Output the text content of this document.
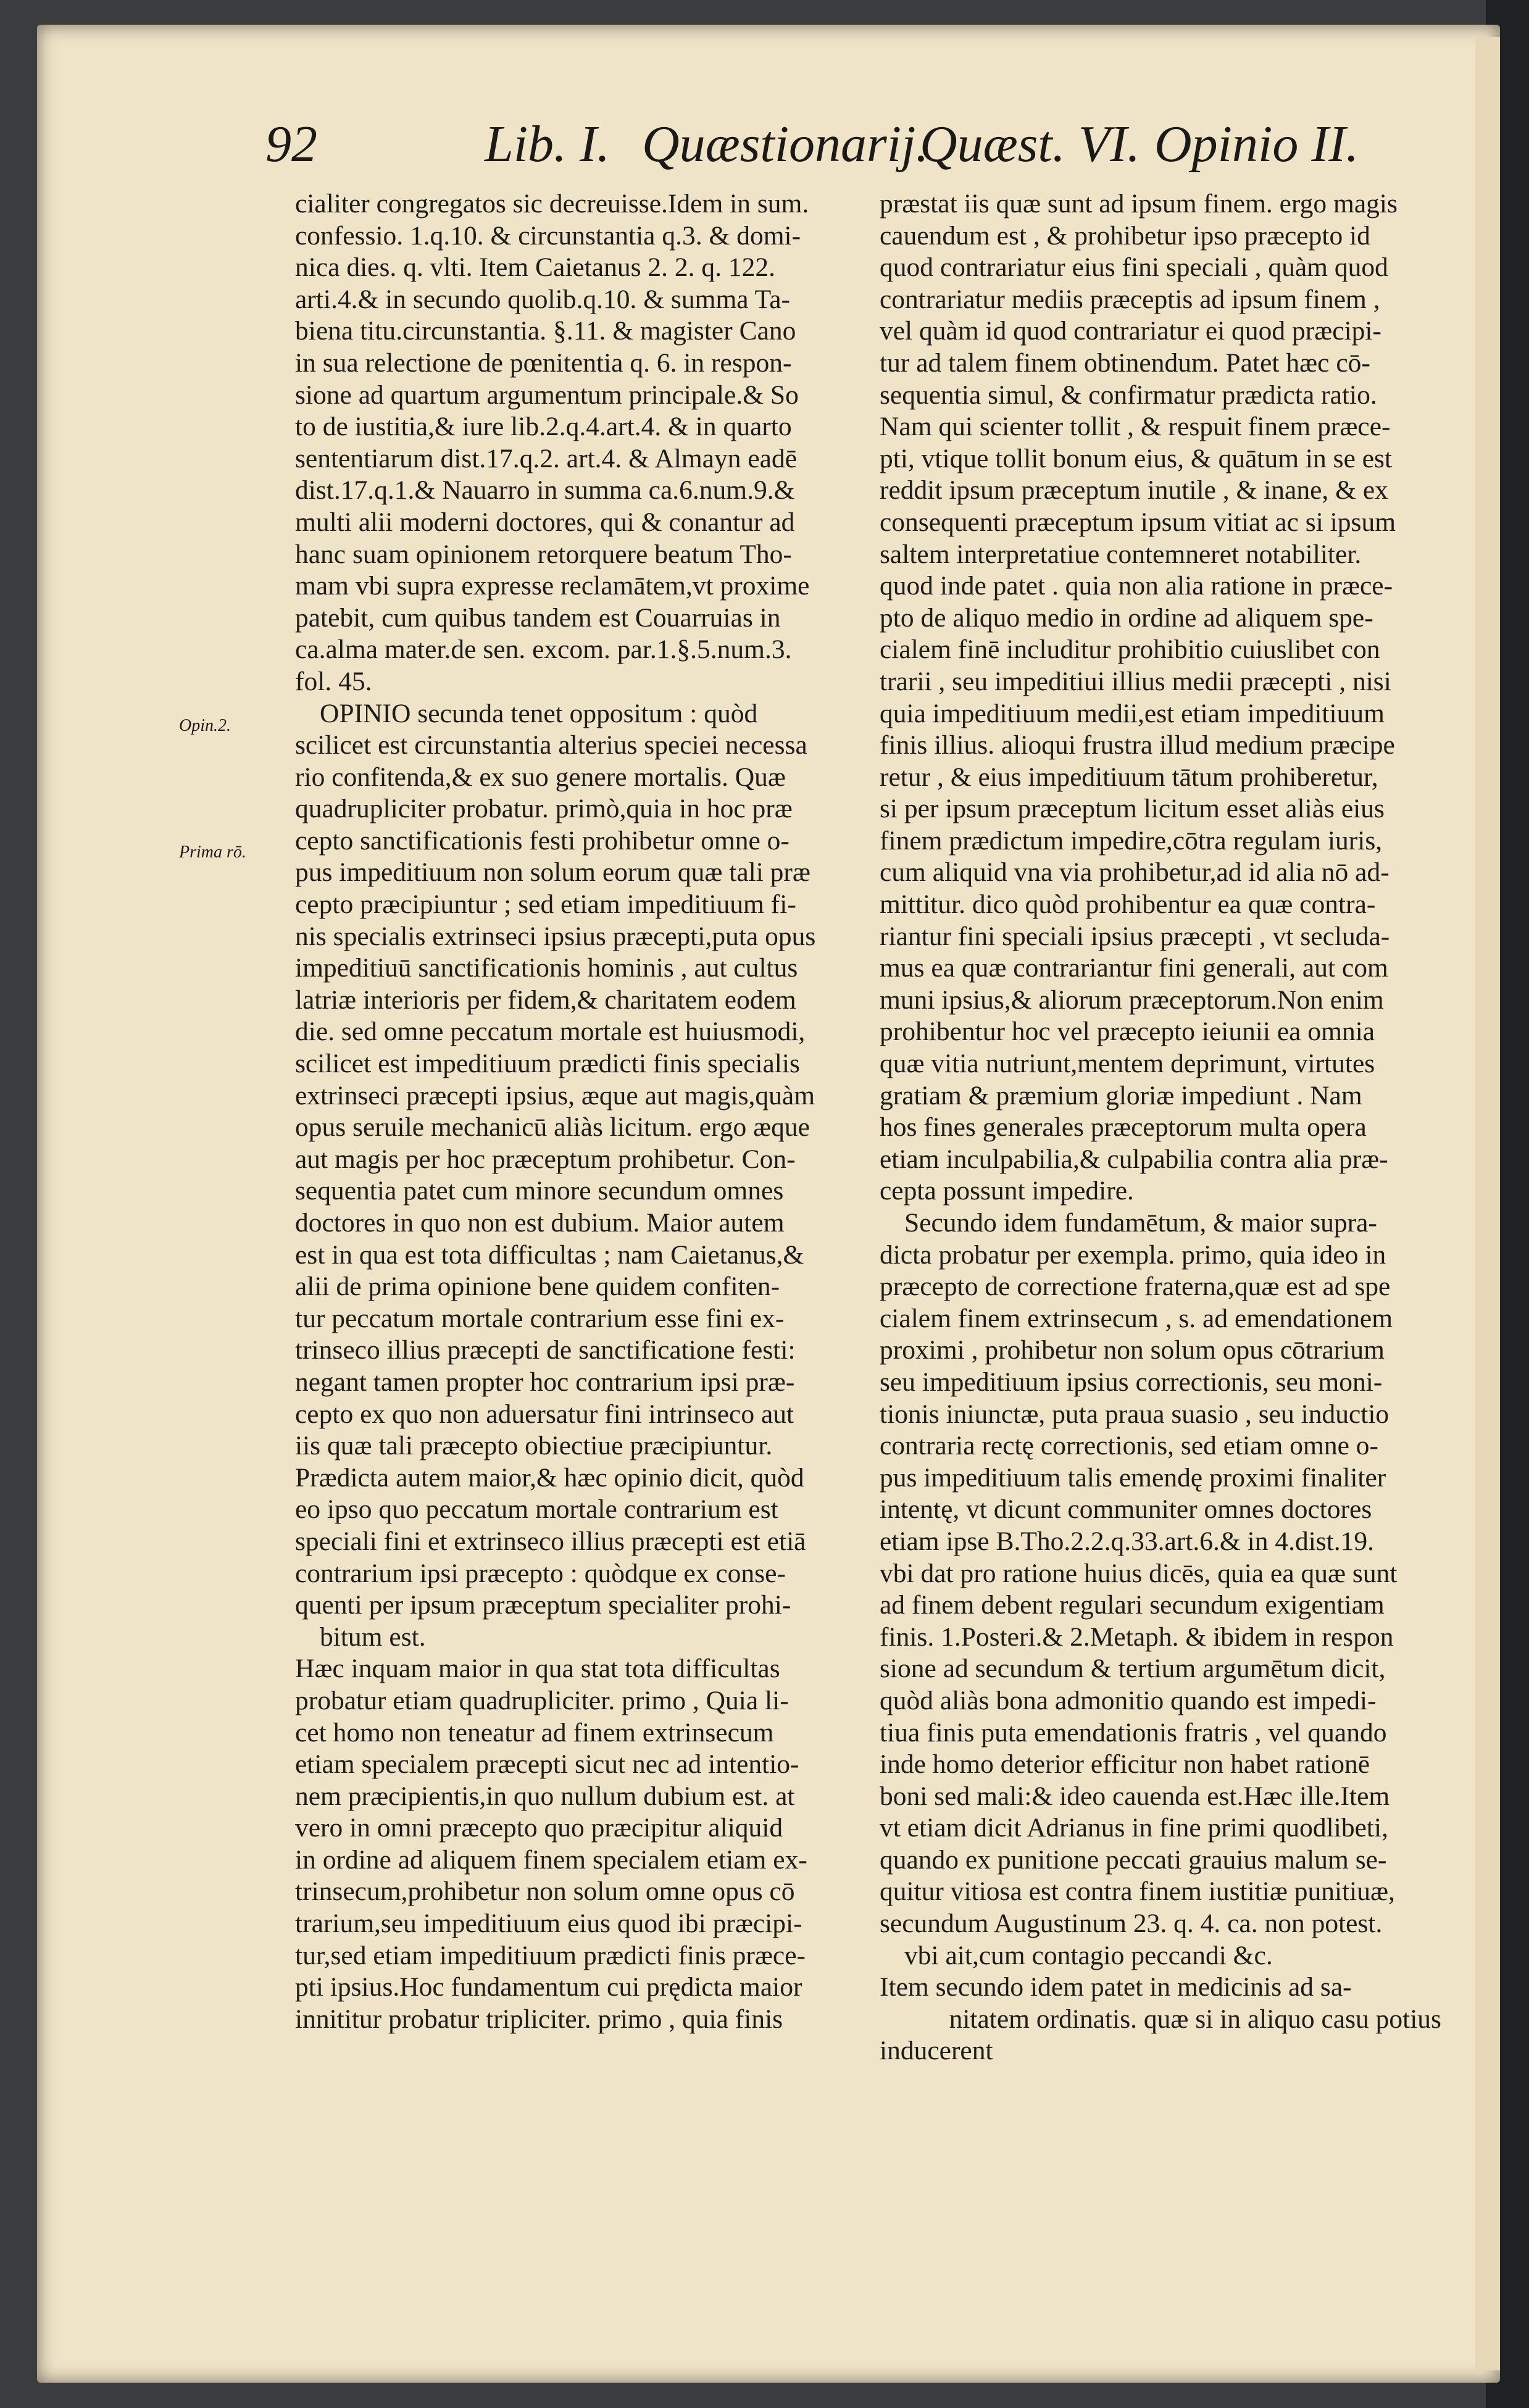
92	Lib. I. Quæstionarij.
Quæst. VI. Opinio II.
Opin.2.
Prima rō.
cialiter congregatos sic decreuisse.Idem in sum.
confessio. 1.q.10. & circunstantia q.3. & domi-
nica dies. q. vlti. Item Caietanus 2. 2. q. 122.
arti.4.& in secundo quolib.q.10. & summa Ta-
biena titu.circunstantia. §.11. & magister Cano
in sua relectione de pœnitentia q. 6. in respon-
sione ad quartum argumentum principale.& So
to de iustitia,& iure lib.2.q.4.art.4. & in quarto
sententiarum dist.17.q.2. art.4. & Almayn eadē
dist.17.q.1.& Nauarro in summa ca.6.num.9.&
multi alii moderni doctores, qui & conantur ad
hanc suam opinionem retorquere beatum Tho-
mam vbi supra expresse reclamātem,vt proxime
patebit, cum quibus tandem est Couarruias in
ca.alma mater.de sen. excom. par.1.§.5.num.3.
fol. 45.
OPINIO secunda tenet oppositum : quòd
scilicet est circunstantia alterius speciei necessa
rio confitenda,& ex suo genere mortalis. Quæ
quadrupliciter probatur. primò,quia in hoc præ
cepto sanctificationis festi prohibetur omne o-
pus impeditiuum non solum eorum quæ tali præ
cepto præcipiuntur ; sed etiam impeditiuum fi-
nis specialis extrinseci ipsius præcepti,puta opus
impeditiuū sanctificationis hominis , aut cultus
latriæ interioris per fidem,& charitatem eodem
die. sed omne peccatum mortale est huiusmodi,
scilicet est impeditiuum prædicti finis specialis
extrinseci præcepti ipsius, æque aut magis,quàm
opus seruile mechanicū aliàs licitum. ergo æque
aut magis per hoc præceptum prohibetur. Con-
sequentia patet cum minore secundum omnes
doctores in quo non est dubium. Maior autem
est in qua est tota difficultas ; nam Caietanus,&
alii de prima opinione bene quidem confiten-
tur peccatum mortale contrarium esse fini ex-
trinseco illius præcepti de sanctificatione festi:
negant tamen propter hoc contrarium ipsi præ-
cepto ex quo non aduersatur fini intrinseco aut
iis quæ tali præcepto obiectiue præcipiuntur.
Prædicta autem maior,& hæc opinio dicit, quòd
eo ipso quo peccatum mortale contrarium est
speciali fini et extrinseco illius præcepti est etiā
contrarium ipsi præcepto : quòdque ex conse-
quenti per ipsum præceptum specialiter prohi-
bitum est.
Hæc inquam maior in qua stat tota difficultas
probatur etiam quadrupliciter. primo , Quia li-
cet homo non teneatur ad finem extrinsecum
etiam specialem præcepti sicut nec ad intentio-
nem præcipientis,in quo nullum dubium est. at
vero in omni præcepto quo præcipitur aliquid
in ordine ad aliquem finem specialem etiam ex-
trinsecum,prohibetur non solum omne opus cō
trarium,seu impeditiuum eius quod ibi præcipi-
tur,sed etiam impeditiuum prædicti finis præce-
pti ipsius.Hoc fundamentum cui prędicta maior
innititur probatur tripliciter. primo , quia finis
præstat iis quæ sunt ad ipsum finem. ergo magis
cauendum est , & prohibetur ipso præcepto id
quod contrariatur eius fini speciali , quàm quod
contrariatur mediis præceptis ad ipsum finem ,
vel quàm id quod contrariatur ei quod præcipi-
tur ad talem finem obtinendum. Patet hæc cō-
sequentia simul, & confirmatur prædicta ratio.
Nam qui scienter tollit , & respuit finem præce-
pti, vtique tollit bonum eius, & quātum in se est
reddit ipsum præceptum inutile , & inane, & ex
consequenti præceptum ipsum vitiat ac si ipsum
saltem interpretatiue contemneret notabiliter.
quod inde patet . quia non alia ratione in præce-
pto de aliquo medio in ordine ad aliquem spe-
cialem finē includitur prohibitio cuiuslibet con
trarii , seu impeditiui illius medii præcepti , nisi
quia impeditiuum medii,est etiam impeditiuum
finis illius. alioqui frustra illud medium præcipe
retur , & eius impeditiuum tātum prohiberetur,
si per ipsum præceptum licitum esset aliàs eius
finem prædictum impedire,cōtra regulam iuris,
cum aliquid vna via prohibetur,ad id alia nō ad-
mittitur. dico quòd prohibentur ea quæ contra-
riantur fini speciali ipsius præcepti , vt secluda-
mus ea quæ contrariantur fini generali, aut com
muni ipsius,& aliorum præceptorum.Non enim
prohibentur hoc vel præcepto ieiunii ea omnia
quæ vitia nutriunt,mentem deprimunt, virtutes
gratiam & præmium gloriæ impediunt . Nam
hos fines generales præceptorum multa opera
etiam inculpabilia,& culpabilia contra alia præ-
cepta possunt impedire.
Secundo idem fundamētum, & maior supra-
dicta probatur per exempla. primo, quia ideo in
præcepto de correctione fraterna,quæ est ad spe
cialem finem extrinsecum , s. ad emendationem
proximi , prohibetur non solum opus cōtrarium
seu impeditiuum ipsius correctionis, seu moni-
tionis iniunctæ, puta praua suasio , seu inductio
contraria rectę correctionis, sed etiam omne o-
pus impeditiuum talis emendę proximi finaliter
intentę, vt dicunt communiter omnes doctores
etiam ipse B.Tho.2.2.q.33.art.6.& in 4.dist.19.
vbi dat pro ratione huius dicēs, quia ea quæ sunt
ad finem debent regulari secundum exigentiam
finis. 1.Posteri.& 2.Metaph. & ibidem in respon
sione ad secundum & tertium argumētum dicit,
quòd aliàs bona admonitio quando est impedi-
tiua finis puta emendationis fratris , vel quando
inde homo deterior efficitur non habet rationē
boni sed mali:& ideo cauenda est.Hæc ille.Item
vt etiam dicit Adrianus in fine primi quodlibeti,
quando ex punitione peccati grauius malum se-
quitur vitiosa est contra finem iustitiæ punitiuæ,
secundum Augustinum 23. q. 4. ca. non potest.
vbi ait,cum contagio peccandi &c.
Item secundo idem patet in medicinis ad sa-
nitatem ordinatis. quæ si in aliquo casu potius
inducerent
